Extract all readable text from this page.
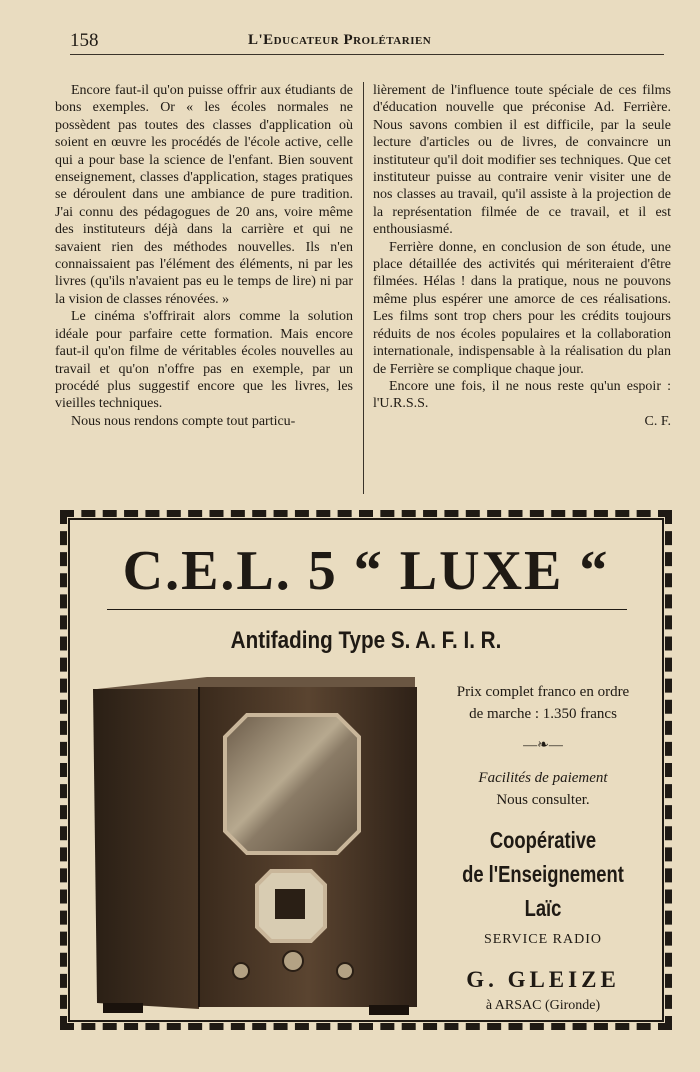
158	L'Educateur Prolétarien

Encore faut-il qu'on puisse offrir aux étudiants de bons exemples. Or « les écoles normales ne possèdent pas toutes des classes d'application où soient en œuvre les procédés de l'école active, celle qui a pour base la science de l'enfant. Bien souvent enseignement, classes d'application, stages pratiques se déroulent dans une ambiance de pure tradition. J'ai connu des pédagogues de 20 ans, voire même des instituteurs déjà dans la carrière et qui ne savaient rien des méthodes nouvelles. Ils n'en connaissaient pas l'élément des éléments, ni par les livres (qu'ils n'avaient pas eu le temps de lire) ni par la vision de classes rénovées. »

Le cinéma s'offrirait alors comme la solution idéale pour parfaire cette formation. Mais encore faut-il qu'on filme de véritables écoles nouvelles au travail et qu'on n'offre pas en exemple, par un procédé plus suggestif encore que les livres, les vieilles techniques.

Nous nous rendons compte tout particu-

lièrement de l'influence toute spéciale de ces films d'éducation nouvelle que préconise Ad. Ferrière. Nous savons combien il est difficile, par la seule lecture d'articles ou de livres, de convaincre un instituteur qu'il doit modifier ses techniques. Que cet instituteur puisse au contraire venir visiter une de nos classes au travail, qu'il assiste à la projection de la représentation filmée de ce travail, et il est enthousiasmé.

Ferrière donne, en conclusion de son étude, une place détaillée des activités qui mériteraient d'être filmées. Hélas ! dans la pratique, nous ne pouvons même plus espérer une amorce de ces réalisations. Les films sont trop chers pour les crédits toujours réduits de nos écoles populaires et la collaboration internationale, indispensable à la réalisation du plan de Ferrière se complique chaque jour.

Encore une fois, il ne nous reste qu'un espoir : l'U.R.S.S.

C. F.

C.E.L. 5 “ LUXE “
Antifading Type S. A. F. I. R.

Prix complet franco en ordre

de marche : 1.350 francs

—❧—

Facilités de paiement

Nous consulter.

Coopérative
de l'Enseignement Laïc
SERVICE RADIO
G. GLEIZE
à ARSAC (Gironde)
